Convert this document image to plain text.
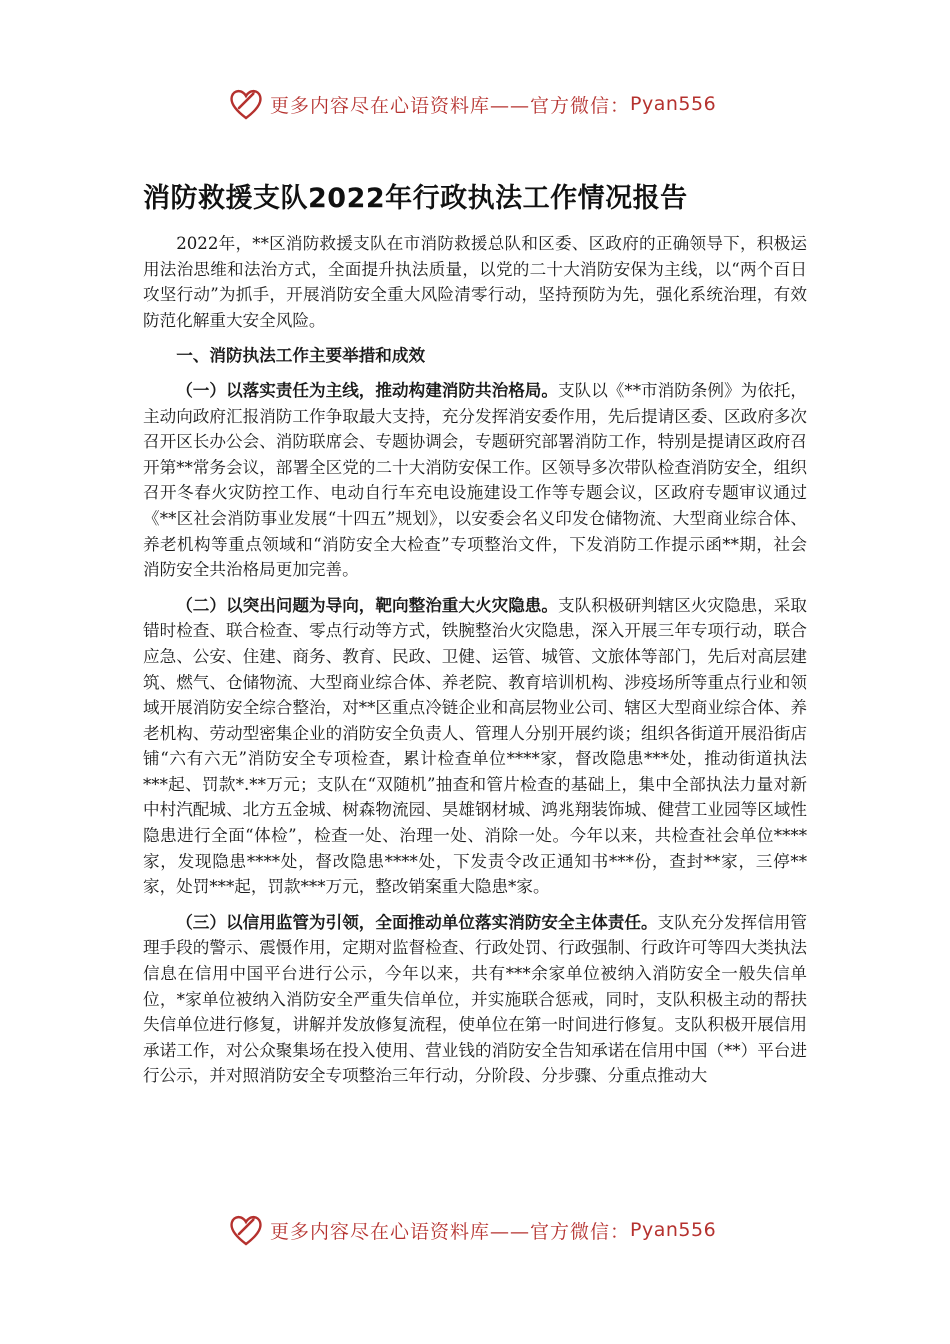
更多内容尽在心语资料库——官方微信： Pyan556
消防救援支队2022年行政执法工作情况报告

2022年，**区消防救援支队在市消防救援总队和区委、区政府的正确领导下，积极运用法治思维和法治方式，全面提升执法质量，以党的二十大消防安保为主线，以“两个百日攻坚行动”为抓手，开展消防安全重大风险清零行动，坚持预防为先，强化系统治理，有效防范化解重大安全风险。

一、消防执法工作主要举措和成效

（一）以落实责任为主线，推动构建消防共治格局。支队以《**市消防条例》为依托，主动向政府汇报消防工作争取最大支持，充分发挥消安委作用，先后提请区委、区政府多次召开区长办公会、消防联席会、专题协调会，专题研究部署消防工作，特别是提请区政府召开第**常务会议，部署全区党的二十大消防安保工作。区领导多次带队检查消防安全，组织召开冬春火灾防控工作、电动自行车充电设施建设工作等专题会议，区政府专题审议通过《**区社会消防事业发展“十四五”规划》，以安委会名义印发仓储物流、大型商业综合体、养老机构等重点领域和“消防安全大检查”专项整治文件，下发消防工作提示函**期，社会消防安全共治格局更加完善。

（二）以突出问题为导向，靶向整治重大火灾隐患。支队积极研判辖区火灾隐患，采取错时检查、联合检查、零点行动等方式，铁腕整治火灾隐患，深入开展三年专项行动，联合应急、公安、住建、商务、教育、民政、卫健、运管、城管、文旅体等部门，先后对高层建筑、燃气、仓储物流、大型商业综合体、养老院、教育培训机构、涉疫场所等重点行业和领域开展消防安全综合整治，对**区重点冷链企业和高层物业公司、辖区大型商业综合体、养老机构、劳动型密集企业的消防安全负责人、管理人分别开展约谈；组织各街道开展沿街店铺“六有六无”消防安全专项检查，累计检查单位****家，督改隐患***处，推动街道执法***起、罚款*.**万元；支队在“双随机”抽查和管片检查的基础上，集中全部执法力量对新中村汽配城、北方五金城、树森物流园、昊雄钢材城、鸿兆翔装饰城、健营工业园等区域性隐患进行全面“体检”，检查一处、治理一处、消除一处。今年以来，共检查社会单位****家，发现隐患****处，督改隐患****处，下发责令改正通知书***份，查封**家，三停**家，处罚***起，罚款***万元，整改销案重大隐患*家。

（三）以信用监管为引领，全面推动单位落实消防安全主体责任。支队充分发挥信用管理手段的警示、震慑作用，定期对监督检查、行政处罚、行政强制、行政许可等四大类执法信息在信用中国平台进行公示，今年以来，共有***余家单位被纳入消防安全一般失信单位，*家单位被纳入消防安全严重失信单位，并实施联合惩戒，同时，支队积极主动的帮扶失信单位进行修复，讲解并发放修复流程，使单位在第一时间进行修复。支队积极开展信用承诺工作，对公众聚集场在投入使用、营业钱的消防安全告知承诺在信用中国（**）平台进行公示，并对照消防安全专项整治三年行动，分阶段、分步骤、分重点推动大

更多内容尽在心语资料库——官方微信： Pyan556
